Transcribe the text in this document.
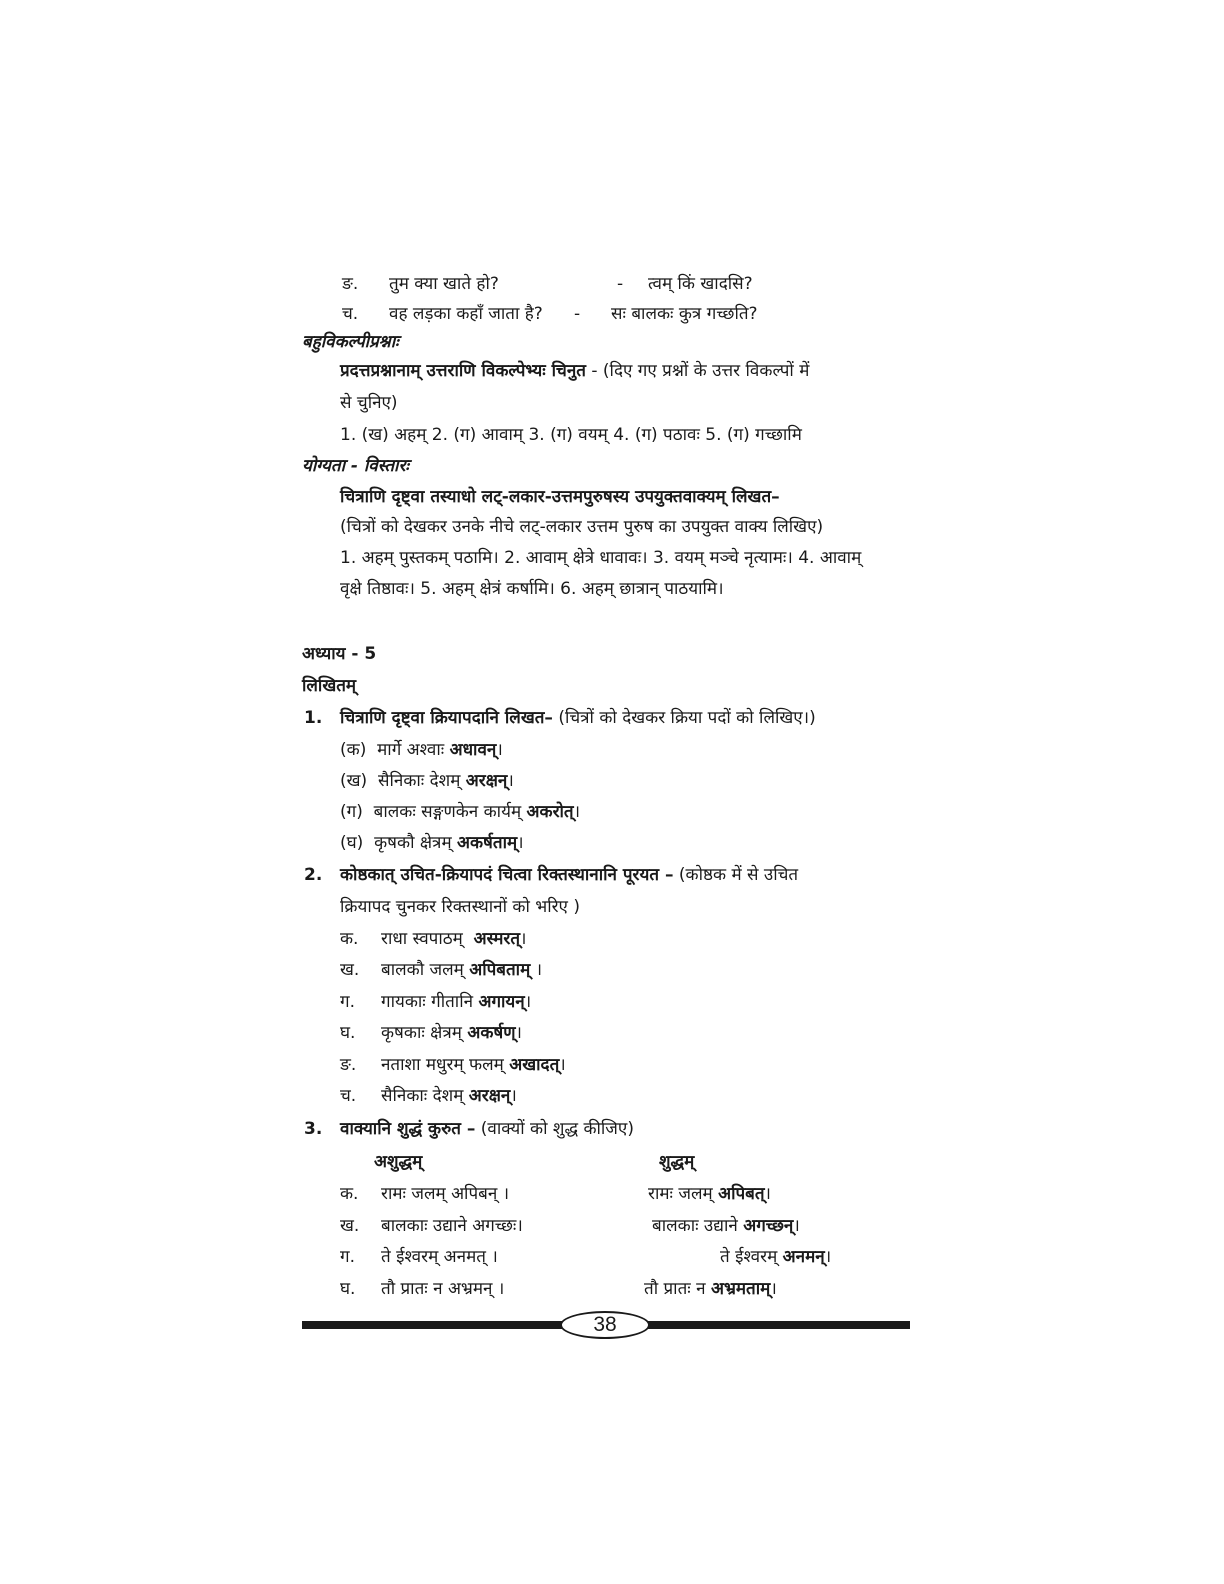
ङ. तुम क्या खाते हो?	- त्वम् किं खादसि?
च. वह लड़का कहाँ जाता है? - सः बालकः कुत्र गच्छति?
बहुविकल्पीप्रश्नाः
प्रदत्तप्रश्नानाम् उत्तराणि विकल्पेभ्यः चिनुत - (दिए गए प्रश्नों के उत्तर विकल्पों में
से चुनिए)
1. (ख) अहम् 2. (ग) आवाम् 3. (ग) वयम् 4. (ग) पठावः 5. (ग) गच्छामि
योग्यता - विस्तारः
चित्राणि दृष्ट्वा तस्याधो लट्-लकार-उत्तमपुरुषस्य उपयुक्तवाक्यम् लिखत–
(चित्रों को देखकर उनके नीचे लट्-लकार उत्तम पुरुष का उपयुक्त वाक्य लिखिए)
1. अहम् पुस्तकम् पठामि। 2. आवाम् क्षेत्रे धावावः। 3. वयम् मञ्चे नृत्यामः। 4. आवाम्
वृक्षे तिष्ठावः। 5. अहम् क्षेत्रं कर्षामि। 6. अहम् छात्रान् पाठयामि।
अध्याय - 5
लिखितम्
1. चित्राणि दृष्ट्वा क्रियापदानि लिखत– (चित्रों को देखकर क्रिया पदों को लिखिए।)
(क) मार्गे अश्वाः अधावन्।
(ख) सैनिकाः देशम् अरक्षन्।
(ग) बालकः सङ्गणकेन कार्यम् अकरोत्।
(घ) कृषकौ क्षेत्रम् अकर्षताम्।
2. कोष्ठकात् उचित-क्रियापदं चित्वा रिक्तस्थानानि पूरयत – (कोष्ठक में से उचित
क्रियापद चुनकर रिक्तस्थानों को भरिए )
क. राधा स्वपाठम् अस्मरत्।
ख. बालकौ जलम् अपिबताम् ।
ग. गायकाः गीतानि अगायन्।
घ. कृषकाः क्षेत्रम् अकर्षण्।
ङ. नताशा मधुरम् फलम् अखादत्।
च. सैनिकाः देशम् अरक्षन्।
3. वाक्यानि शुद्धं कुरुत – (वाक्यों को शुद्ध कीजिए)
अशुद्धम्	शुद्धम्
क. रामः जलम् अपिबन् ।	रामः जलम् अपिबत्।
ख. बालकाः उद्याने अगच्छः।	बालकाः उद्याने अगच्छन्।
ग. ते ईश्वरम् अनमत् ।	ते ईश्वरम् अनमन्।
घ. तौ प्रातः न अभ्रमन् ।	तौ प्रातः न अभ्रमताम्।
38
